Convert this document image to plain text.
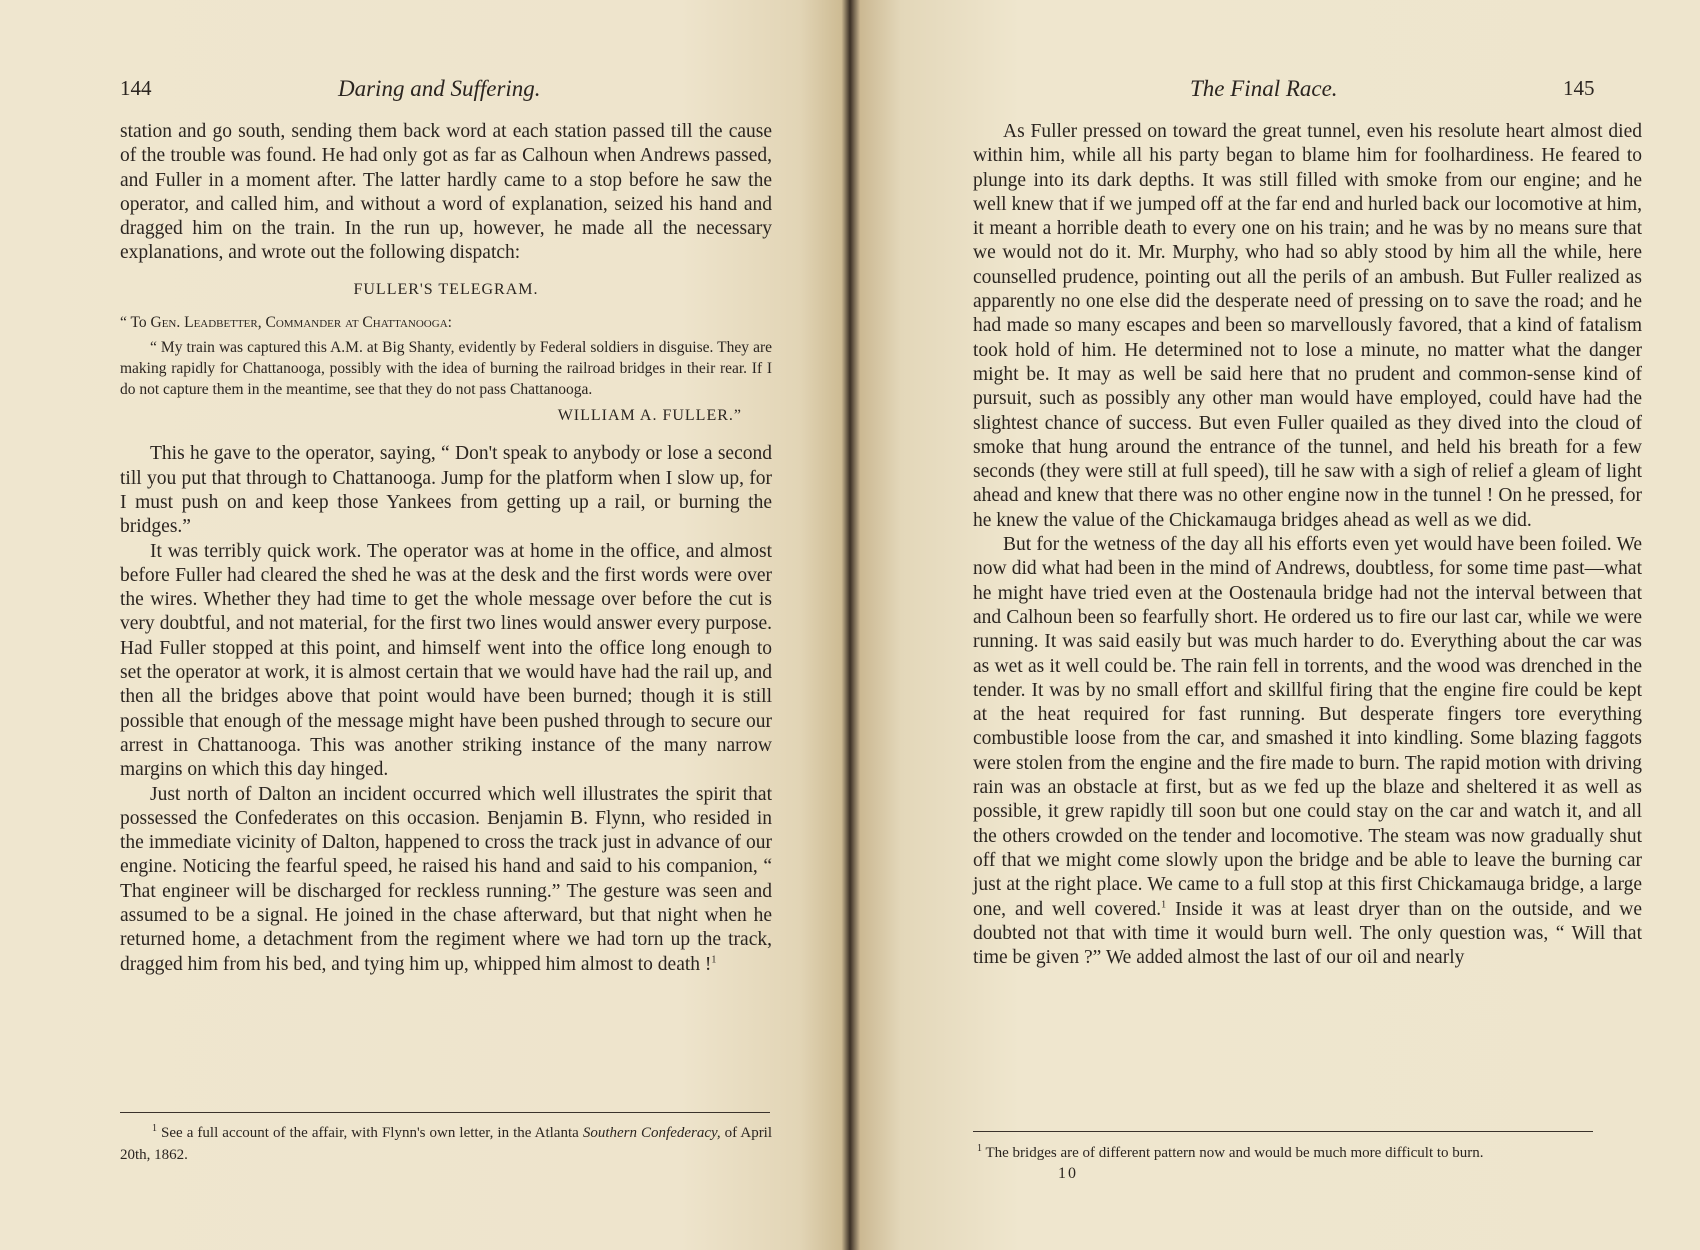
144	Daring and Suffering.

station and go south, sending them back word at each station passed till the cause of the trouble was found. He had only got as far as Calhoun when Andrews passed, and Fuller in a moment after. The latter hardly came to a stop before he saw the operator, and called him, and without a word of explanation, seized his hand and dragged him on the train. In the run up, however, he made all the necessary explanations, and wrote out the following dispatch:

FULLER'S TELEGRAM.

“ To Gen. Leadbetter, Commander at Chattanooga:

“ My train was captured this A.M. at Big Shanty, evidently by Federal soldiers in disguise. They are making rapidly for Chattanooga, possibly with the idea of burning the railroad bridges in their rear. If I do not capture them in the meantime, see that they do not pass Chattanooga.

WILLIAM A. FULLER.”

This he gave to the operator, saying, “ Don't speak to anybody or lose a second till you put that through to Chattanooga. Jump for the platform when I slow up, for I must push on and keep those Yankees from getting up a rail, or burning the bridges.”

It was terribly quick work. The operator was at home in the office, and almost before Fuller had cleared the shed he was at the desk and the first words were over the wires. Whether they had time to get the whole message over before the cut is very doubtful, and not material, for the first two lines would answer every purpose. Had Fuller stopped at this point, and himself went into the office long enough to set the operator at work, it is almost certain that we would have had the rail up, and then all the bridges above that point would have been burned; though it is still possible that enough of the message might have been pushed through to secure our arrest in Chattanooga. This was another striking instance of the many narrow margins on which this day hinged.

Just north of Dalton an incident occurred which well illustrates the spirit that possessed the Confederates on this occasion. Benjamin B. Flynn, who resided in the immediate vicinity of Dalton, happened to cross the track just in advance of our engine. Noticing the fearful speed, he raised his hand and said to his companion, “ That engineer will be discharged for reckless running.” The gesture was seen and assumed to be a signal. He joined in the chase afterward, but that night when he returned home, a detachment from the regiment where we had torn up the track, dragged him from his bed, and tying him up, whipped him almost to death !$^1$

$^1$ See a full account of the affair, with Flynn's own letter, in the Atlanta Southern Confederacy, of April 20th, 1862.
The Final Race.	145

As Fuller pressed on toward the great tunnel, even his resolute heart almost died within him, while all his party began to blame him for foolhardiness. He feared to plunge into its dark depths. It was still filled with smoke from our engine; and he well knew that if we jumped off at the far end and hurled back our locomotive at him, it meant a horrible death to every one on his train; and he was by no means sure that we would not do it. Mr. Murphy, who had so ably stood by him all the while, here counselled prudence, pointing out all the perils of an ambush. But Fuller realized as apparently no one else did the desperate need of pressing on to save the road; and he had made so many escapes and been so marvellously favored, that a kind of fatalism took hold of him. He determined not to lose a minute, no matter what the danger might be. It may as well be said here that no prudent and common-sense kind of pursuit, such as possibly any other man would have employed, could have had the slightest chance of success. But even Fuller quailed as they dived into the cloud of smoke that hung around the entrance of the tunnel, and held his breath for a few seconds (they were still at full speed), till he saw with a sigh of relief a gleam of light ahead and knew that there was no other engine now in the tunnel ! On he pressed, for he knew the value of the Chickamauga bridges ahead as well as we did.

But for the wetness of the day all his efforts even yet would have been foiled. We now did what had been in the mind of Andrews, doubtless, for some time past—what he might have tried even at the Oostenaula bridge had not the interval between that and Calhoun been so fearfully short. He ordered us to fire our last car, while we were running. It was said easily but was much harder to do. Everything about the car was as wet as it well could be. The rain fell in torrents, and the wood was drenched in the tender. It was by no small effort and skillful firing that the engine fire could be kept at the heat required for fast running. But desperate fingers tore everything combustible loose from the car, and smashed it into kindling. Some blazing faggots were stolen from the engine and the fire made to burn. The rapid motion with driving rain was an obstacle at first, but as we fed up the blaze and sheltered it as well as possible, it grew rapidly till soon but one could stay on the car and watch it, and all the others crowded on the tender and locomotive. The steam was now gradually shut off that we might come slowly upon the bridge and be able to leave the burning car just at the right place. We came to a full stop at this first Chickamauga bridge, a large one, and well covered.$^1$ Inside it was at least dryer than on the outside, and we doubted not that with time it would burn well. The only question was, “ Will that time be given ?” We added almost the last of our oil and nearly

$^1$ The bridges are of different pattern now and would be much more difficult to burn.
10
